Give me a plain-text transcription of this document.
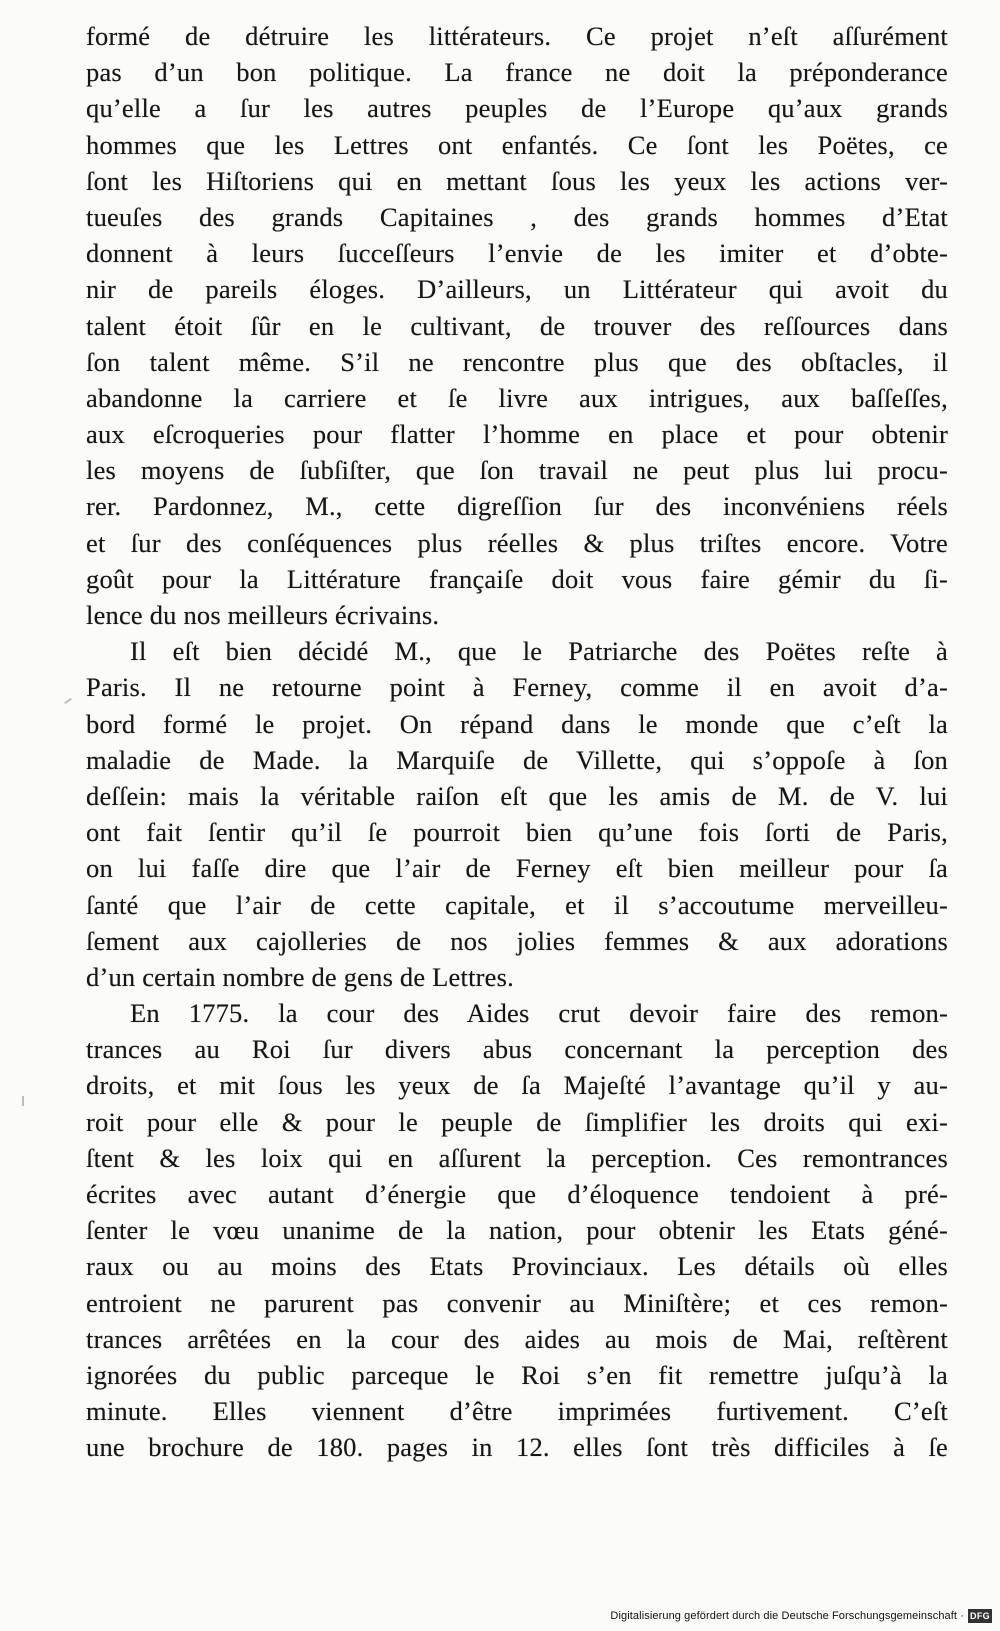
formé de détruire les littérateurs. Ce projet n’eſt aſſurément
pas d’un bon politique. La france ne doit la préponderance
qu’elle a ſur les autres peuples de l’Europe qu’aux grands
hommes que les Lettres ont enfantés. Ce ſont les Poëtes, ce
ſont les Hiſtoriens qui en mettant ſous les yeux les actions ver-
tueuſes des grands Capitaines , des grands hommes d’Etat
donnent à leurs ſucceſſeurs l’envie de les imiter et d’obte-
nir de pareils éloges. D’ailleurs, un Littérateur qui avoit du
talent étoit ſûr en le cultivant, de trouver des reſſources dans
ſon talent même. S’il ne rencontre plus que des obſtacles, il
abandonne la carriere et ſe livre aux intrigues, aux baſſeſſes,
aux eſcroqueries pour flatter l’homme en place et pour obtenir
les moyens de ſubſiſter, que ſon travail ne peut plus lui procu-
rer. Pardonnez, M., cette digreſſion ſur des inconvéniens réels
et ſur des conſéquences plus réelles & plus triſtes encore. Votre
goût pour la Littérature françaiſe doit vous faire gémir du ſi-
lence du nos meilleurs écrivains.
Il eſt bien décidé M., que le Patriarche des Poëtes reſte à
Paris. Il ne retourne point à Ferney, comme il en avoit d’a-
bord formé le projet. On répand dans le monde que c’eſt la
maladie de Made. la Marquiſe de Villette, qui s’oppoſe à ſon
deſſein: mais la véritable raiſon eſt que les amis de M. de V. lui
ont fait ſentir qu’il ſe pourroit bien qu’une fois ſorti de Paris,
on lui faſſe dire que l’air de Ferney eſt bien meilleur pour ſa
ſanté que l’air de cette capitale, et il s’accoutume merveilleu-
ſement aux cajolleries de nos jolies femmes & aux adorations
d’un certain nombre de gens de Lettres.
En 1775. la cour des Aides crut devoir faire des remon-
trances au Roi ſur divers abus concernant la perception des
droits, et mit ſous les yeux de ſa Majeſté l’avantage qu’il y au-
roit pour elle & pour le peuple de ſimplifier les droits qui exi-
ſtent & les loix qui en aſſurent la perception. Ces remontrances
écrites avec autant d’énergie que d’éloquence tendoient à pré-
ſenter le vœu unanime de la nation, pour obtenir les Etats géné-
raux ou au moins des Etats Provinciaux. Les détails où elles
entroient ne parurent pas convenir au Miniſtère; et ces remon-
trances arrêtées en la cour des aides au mois de Mai, reſtèrent
ignorées du public parceque le Roi s’en fit remettre juſqu’à la
minute. Elles viennent d’être imprimées furtivement. C’eſt
une brochure de 180. pages in 12. elles ſont très difficiles à ſe
Digitalisierung gefördert durch die Deutsche Forschungsgemeinschaft · DFG
